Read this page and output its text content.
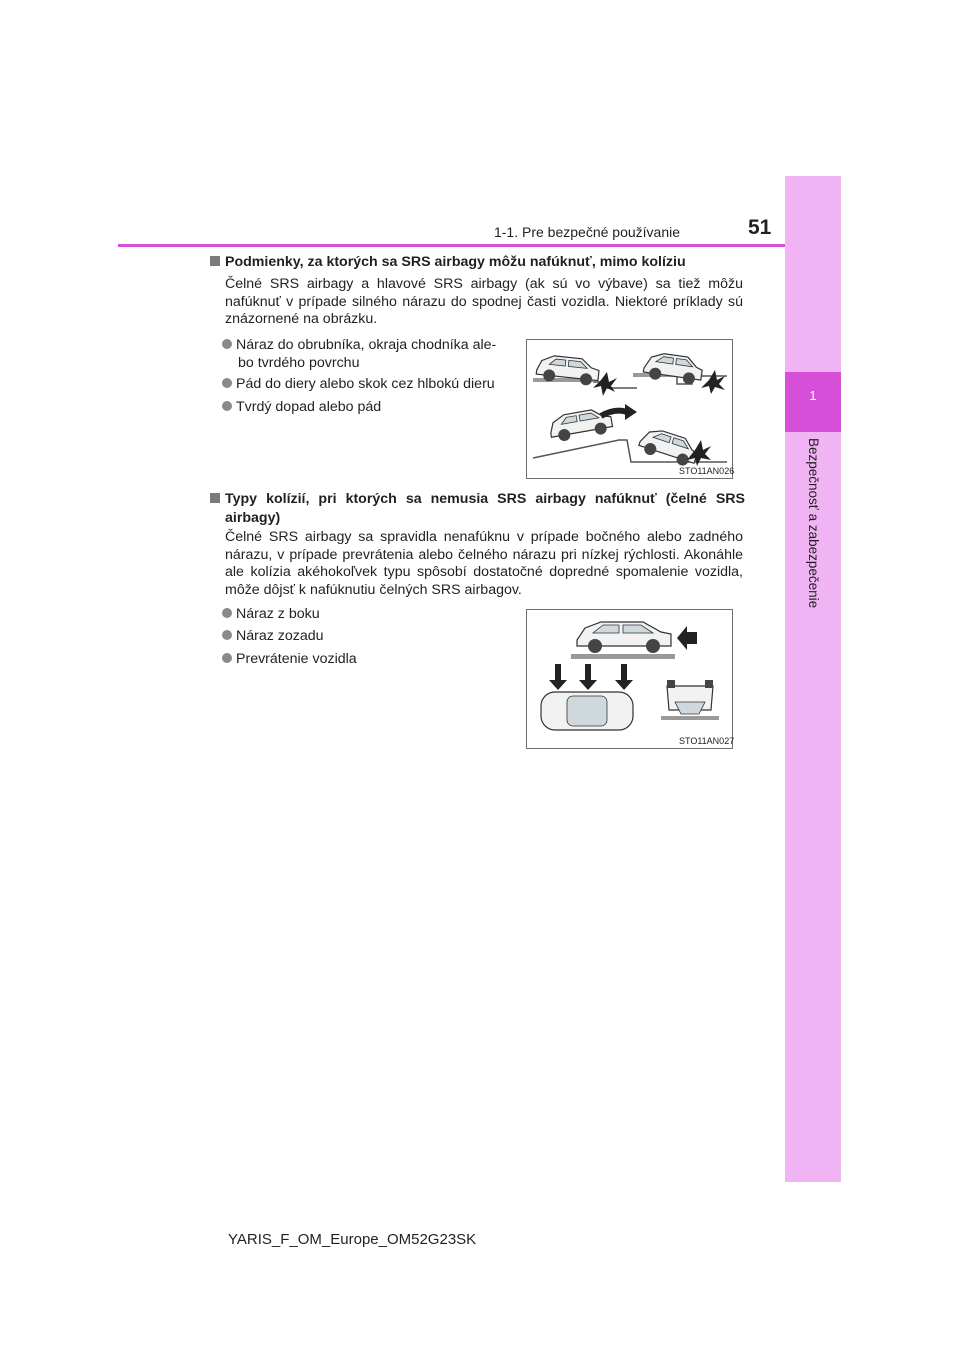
1
Bezpečnosť a zabezpečenie
1-1. Pre bezpečné používanie	51
Podmienky, za ktorých sa SRS airbagy môžu nafúknuť, mimo kolíziu
Čelné SRS airbagy a hlavové SRS airbagy (ak sú vo výbave) sa tiež môžu nafúknuť v prípade silného nárazu do spodnej časti vozidla. Niektoré príklady sú znázornené na obrázku.
Náraz do obrubníka, okraja chodníka ale-
bo tvrdého povrchu
Pád do diery alebo skok cez hlbokú dieru
Tvrdý dopad alebo pád
STO11AN026
Typy kolízií, pri ktorých sa nemusia SRS airbagy nafúknuť (čelné SRS
airbagy)
Čelné SRS airbagy sa spravidla nenafúknu v prípade bočného alebo zadného nárazu, v prípade prevrátenia alebo čelného nárazu pri nízkej rýchlosti. Akonáhle ale kolízia akéhokoľvek typu spôsobí dostatočné dopredné spomalenie vozidla, môže dôjsť k nafúknutiu čelných SRS airbagov.
Náraz z boku
Náraz zozadu
Prevrátenie vozidla
STO11AN027
YARIS_F_OM_Europe_OM52G23SK
